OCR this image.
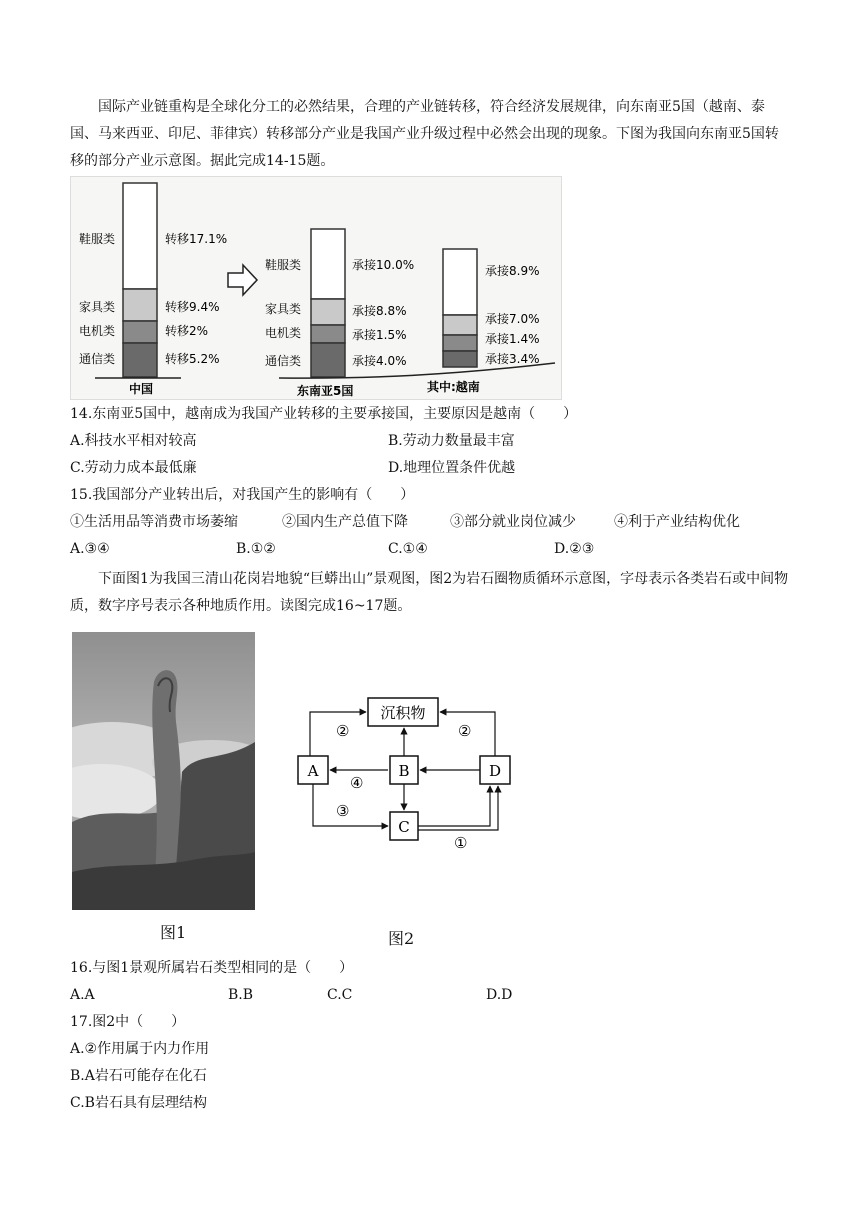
国际产业链重构是全球化分工的必然结果，合理的产业链转移，符合经济发展规律，向东南亚5国（越南、泰国、马来西亚、印尼、菲律宾）转移部分产业是我国产业升级过程中必然会出现的现象。下图为我国向东南亚5国转移的部分产业示意图。据此完成14-15题。

鞋服类
家具类
电机类
通信类
转移17.1%
转移9.4%
转移2%
转移5.2%
中国
鞋服类
家具类
电机类
通信类
承接10.0%
承接8.8%
承接1.5%
承接4.0%
东南亚5国
承接8.9%
承接7.0%
承接1.4%
承接3.4%
其中:越南
14.东南亚5国中，越南成为我国产业转移的主要承接国，主要原因是越南（　　）
A.科技水平相对较高	B.劳动力数量最丰富
C.劳动力成本最低廉	D.地理位置条件优越
15.我国部分产业转出后，对我国产生的影响有（　　）
①生活用品等消费市场萎缩	②国内生产总值下降	③部分就业岗位减少	④利于产业结构优化
A.③④	B.①②	C.①④	D.②③

下面图1为我国三清山花岗岩地貌“巨蟒出山”景观图，图2为岩石圈物质循环示意图，字母表示各类岩石或中间物质，数字序号表示各种地质作用。读图完成16~17题。

图1
沉积物
A	B	D
C
②	②
④
③
①
图2
16.与图1景观所属岩石类型相同的是（　　）
A.A	B.B	C.C	D.D
17.图2中（　　）
A.②作用属于内力作用
B.A岩石可能存在化石
C.B岩石具有层理结构
